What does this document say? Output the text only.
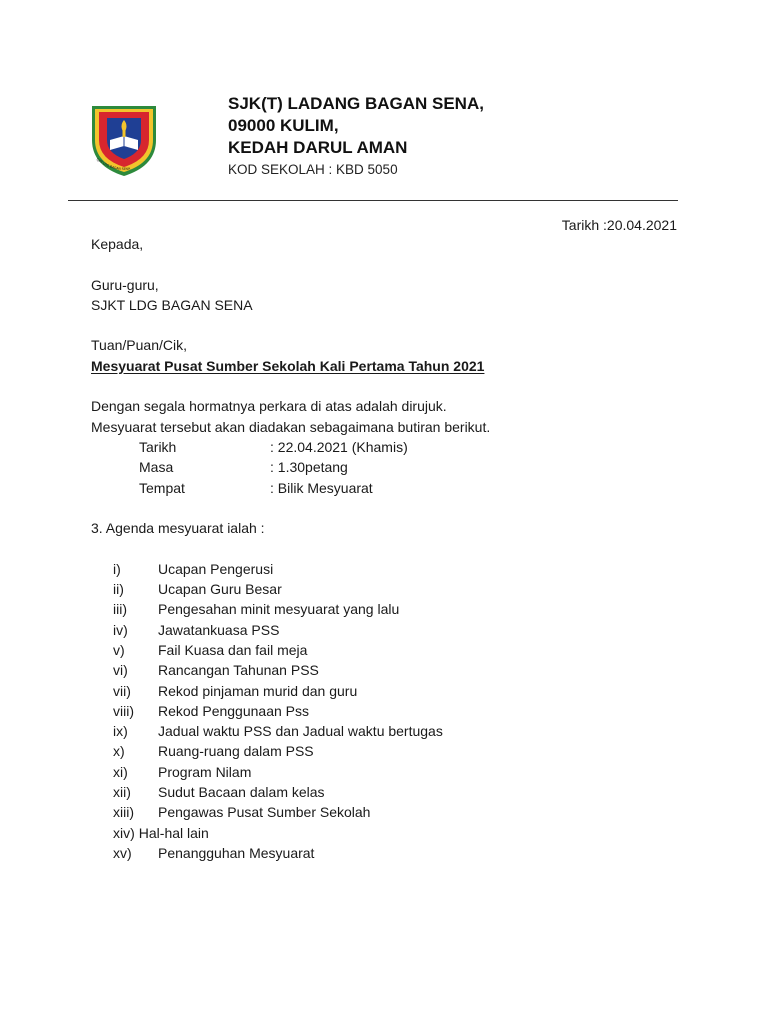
SJKT LDG BAGAN SENA
SJK(T) LADANG BAGAN SENA,
09000 KULIM,
KEDAH DARUL AMAN
KOD SEKOLAH : KBD 5050
Tarikh :20.04.2021
Kepada,
Guru-guru,
SJKT LDG BAGAN SENA
Tuan/Puan/Cik,
Mesyuarat Pusat Sumber Sekolah Kali Pertama Tahun 2021
Dengan segala hormatnya perkara di atas adalah dirujuk.
Mesyuarat tersebut akan diadakan sebagaimana butiran berikut.
Tarikh	: 22.04.2021 (Khamis)
Masa	: 1.30petang
Tempat	: Bilik Mesyuarat
3. Agenda mesyuarat ialah :
i)	Ucapan Pengerusi
ii)	Ucapan Guru Besar
iii)	Pengesahan minit mesyuarat yang lalu
iv)	Jawatankuasa PSS
v)	Fail Kuasa dan fail meja
vi)	Rancangan Tahunan PSS
vii)	Rekod pinjaman murid dan guru
viii)	Rekod Penggunaan Pss
ix)	Jadual waktu PSS dan Jadual waktu bertugas
x)	Ruang-ruang dalam PSS
xi)	Program Nilam
xii)	Sudut Bacaan dalam kelas
xiii)	Pengawas Pusat Sumber Sekolah
xiv) Hal-hal lain
xv)	Penangguhan Mesyuarat
